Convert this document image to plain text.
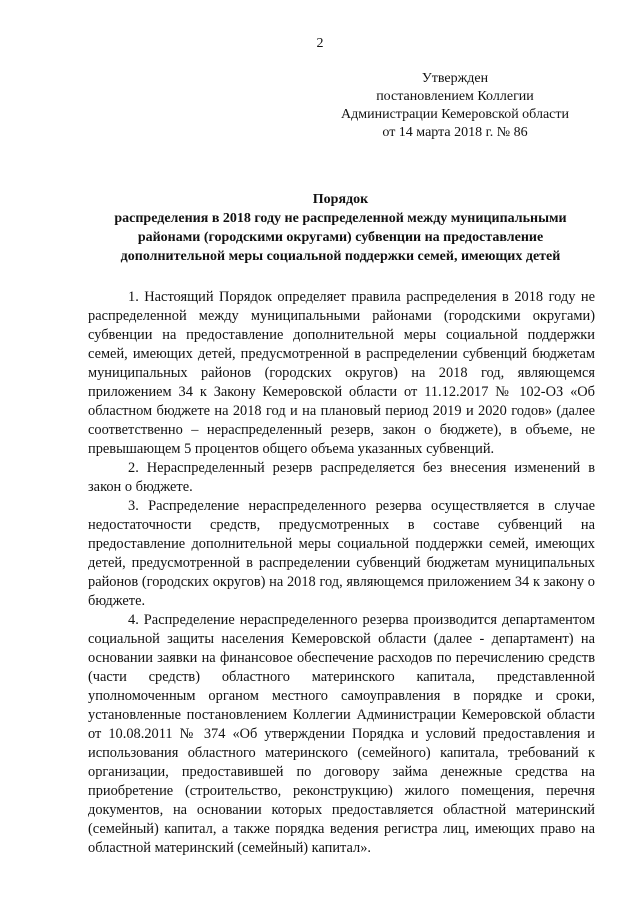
2
Утвержден
постановлением Коллегии
Администрации Кемеровской области
от 14 марта 2018 г. № 86
Порядок
распределения в 2018 году не распределенной между муниципальными
районами (городскими округами) субвенции на предоставление
дополнительной меры социальной поддержки семей, имеющих детей

1. Настоящий Порядок определяет правила распределения в 2018 году не распределенной между муниципальными районами (городскими округами) субвенции на предоставление дополнительной меры социальной поддержки семей, имеющих детей, предусмотренной в распределении субвенций бюджетам муниципальных районов (городских округов) на 2018 год, являющемся приложением 34 к Закону Кемеровской области от 11.12.2017 № 102-ОЗ «Об областном бюджете на 2018 год и на плановый период 2019 и 2020 годов» (далее соответственно – нераспределенный резерв, закон о бюджете), в объеме, не превышающем 5 процентов общего объема указанных субвенций.

2. Нераспределенный резерв распределяется без внесения изменений в закон о бюджете.

3. Распределение нераспределенного резерва осуществляется в случае недостаточности средств, предусмотренных в составе субвенций на предоставление дополнительной меры социальной поддержки семей, имеющих детей, предусмотренной в распределении субвенций бюджетам муниципальных районов (городских округов) на 2018 год, являющемся приложением 34 к закону о бюджете.

4. Распределение нераспределенного резерва производится департаментом социальной защиты населения Кемеровской области (далее - департамент) на основании заявки на финансовое обеспечение расходов по перечислению средств (части средств) областного материнского капитала, представленной уполномоченным органом местного самоуправления в порядке и сроки, установленные постановлением Коллегии Администрации Кемеровской области от 10.08.2011 № 374 «Об утверждении Порядка и условий предоставления и использования областного материнского (семейного) капитала, требований к организации, предоставившей по договору займа денежные средства на приобретение (строительство, реконструкцию) жилого помещения, перечня документов, на основании которых предоставляется областной материнский (семейный) капитал, а также порядка ведения регистра лиц, имеющих право на областной материнский (семейный) капитал».
